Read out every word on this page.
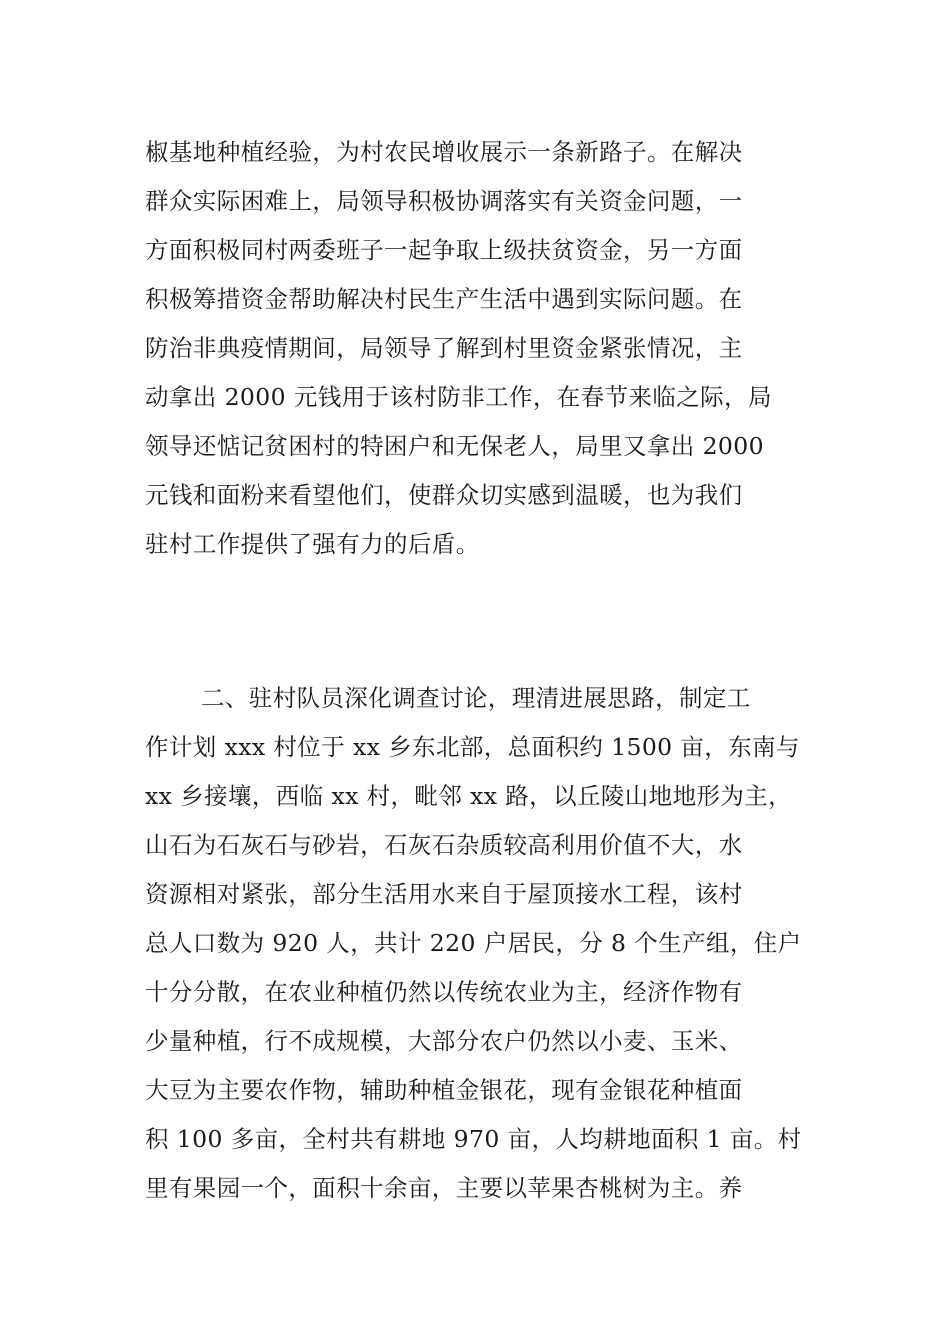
椒基地种植经验，为村农民增收展示一条新路子。在解决
群众实际困难上，局领导积极协调落实有关资金问题，一
方面积极同村两委班子一起争取上级扶贫资金，另一方面
积极筹措资金帮助解决村民生产生活中遇到实际问题。在
防治非典疫情期间，局领导了解到村里资金紧张情况，主
动拿出 2000 元钱用于该村防非工作，在春节来临之际，局
领导还惦记贫困村的特困户和无保老人，局里又拿出 2000
元钱和面粉来看望他们，使群众切实感到温暖，也为我们
驻村工作提供了强有力的后盾。
二、驻村队员深化调查讨论，理清进展思路，制定工
作计划 xxx 村位于 xx 乡东北部，总面积约 1500 亩，东南与
xx 乡接壤，西临 xx 村，毗邻 xx 路，以丘陵山地地形为主，
山石为石灰石与砂岩，石灰石杂质较高利用价值不大，水
资源相对紧张，部分生活用水来自于屋顶接水工程，该村
总人口数为 920 人，共计 220 户居民，分 8 个生产组，住户
十分分散，在农业种植仍然以传统农业为主，经济作物有
少量种植，行不成规模，大部分农户仍然以小麦、玉米、
大豆为主要农作物，辅助种植金银花，现有金银花种植面
积 100 多亩，全村共有耕地 970 亩，人均耕地面积 1 亩。村
里有果园一个，面积十余亩，主要以苹果杏桃树为主。养
